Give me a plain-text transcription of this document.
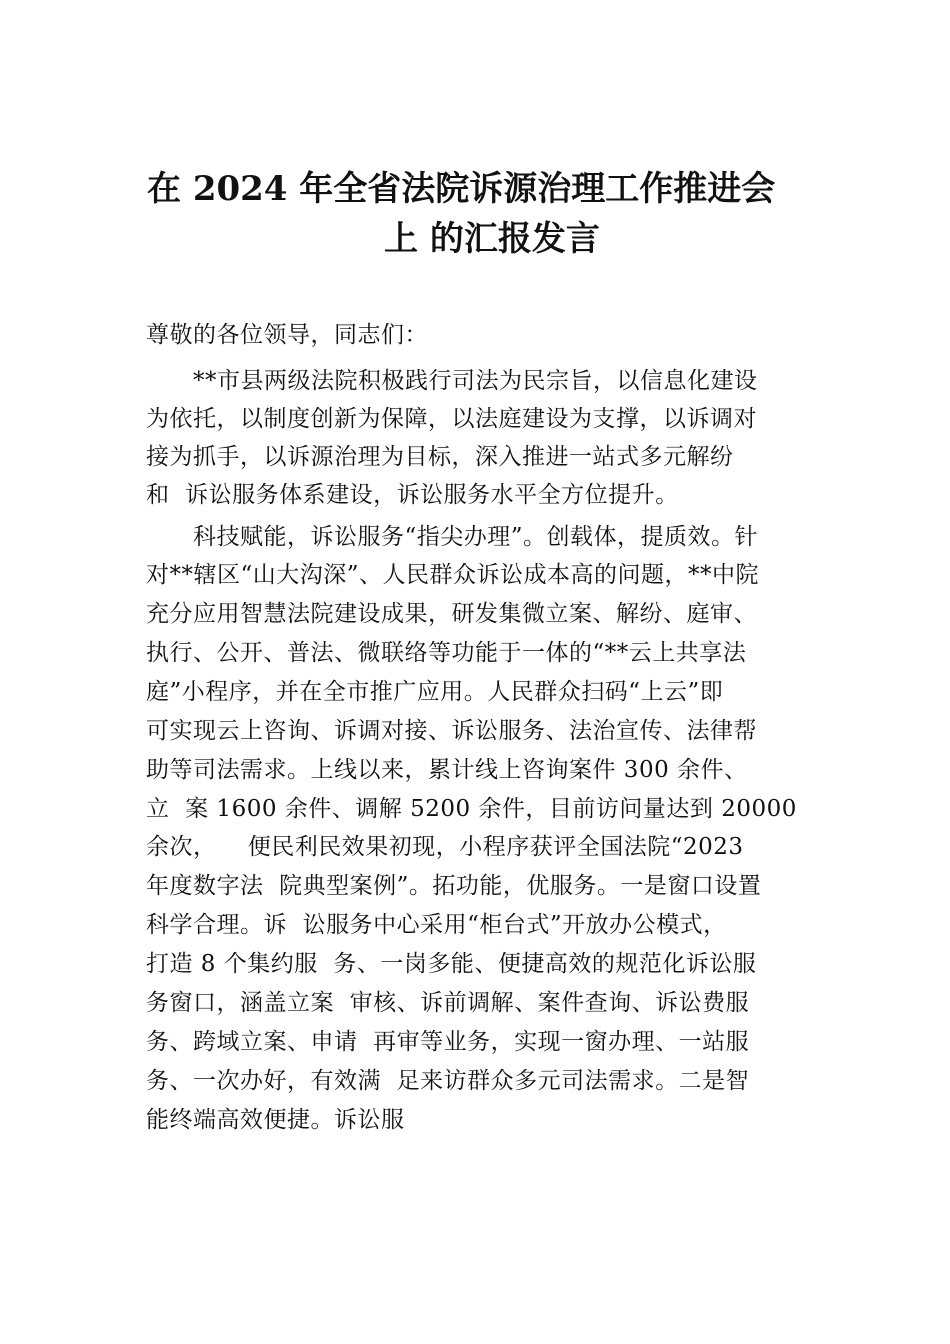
在 2024 年全省法院诉源治理工作推进会
上 的汇报发言
尊敬的各位领导，同志们：
　　**市县两级法院积极践行司法为民宗旨，以信息化建设
为依托，以制度创新为保障，以法庭建设为支撑，以诉调对
接为抓手，以诉源治理为目标，深入推进一站式多元解纷
和  诉讼服务体系建设，诉讼服务水平全方位提升。
　　科技赋能，诉讼服务“指尖办理”。创载体，提质效。针
对**辖区“山大沟深”、人民群众诉讼成本高的问题，**中院
充分应用智慧法院建设成果，研发集微立案、解纷、庭审、
执行、公开、普法、微联络等功能于一体的“**云上共享法
庭”小程序，并在全市推广应用。人民群众扫码“上云”即
可实现云上咨询、诉调对接、诉讼服务、法治宣传、法律帮
助等司法需求。上线以来，累计线上咨询案件 300 余件、
立  案 1600 余件、调解 5200 余件，目前访问量达到 20000
余次，    便民利民效果初现，小程序获评全国法院“2023
年度数字法  院典型案例”。拓功能，优服务。一是窗口设置
科学合理。诉  讼服务中心采用“柜台式”开放办公模式，
打造 8 个集约服  务、一岗多能、便捷高效的规范化诉讼服
务窗口，涵盖立案  审核、诉前调解、案件查询、诉讼费服
务、跨域立案、申请  再审等业务，实现一窗办理、一站服
务、一次办好，有效满  足来访群众多元司法需求。二是智
能终端高效便捷。诉讼服
